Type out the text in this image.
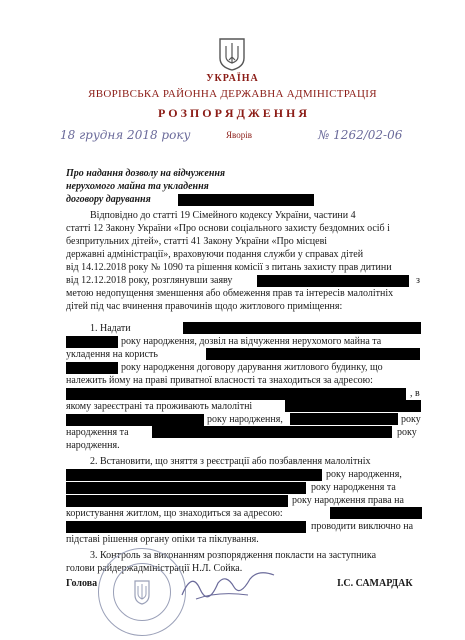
УКРАЇНА
ЯВОРІВСЬКА РАЙОННА ДЕРЖАВНА АДМІНІСТРАЦІЯ
Р О З П О Р Я Д Ж Е Н Н Я
18 грудня 2018 року	Яворів	№ 1262/02-06
Про надання дозволу на відчуження
нерухомого майна та укладення
договору дарування
Відповідно до статті 19 Сімейного кодексу України, частини 4
статті 12 Закону України «Про основи соціального захисту бездомних осіб і
безпритульних дітей», статті 41 Закону України «Про місцеві
державні адміністрації», враховуючи подання служби у справах дітей
від 14.12.2018 року № 1090 та рішення комісії з питань захисту прав дитини
від 12.12.2018 року, розглянувши заяву	з
метою недопущення зменшення або обмеження прав та інтересів малолітніх
дітей під час вчинення правочинів щодо житлового приміщення:
1. Надати
року народження, дозвіл на відчуження нерухомого майна та
укладення на користь
року народження договору дарування житлового будинку, що
належить йому на праві приватної власності та знаходиться за адресою:
, в
якому зареєстрані та проживають малолітні
року народження,	року
народження та	року
народження.
2. Встановити, що зняття з реєстрації або позбавлення малолітніх
року народження,
року народження та
року народження права на
користування житлом, що знаходиться за адресою:
проводити виключно на
підставі рішення органу опіки та піклування.
3. Контроль за виконанням розпорядження покласти на заступника
голови райдержадміністрації Н.Л. Сойка.
Голова	І.С. САМАРДАК
